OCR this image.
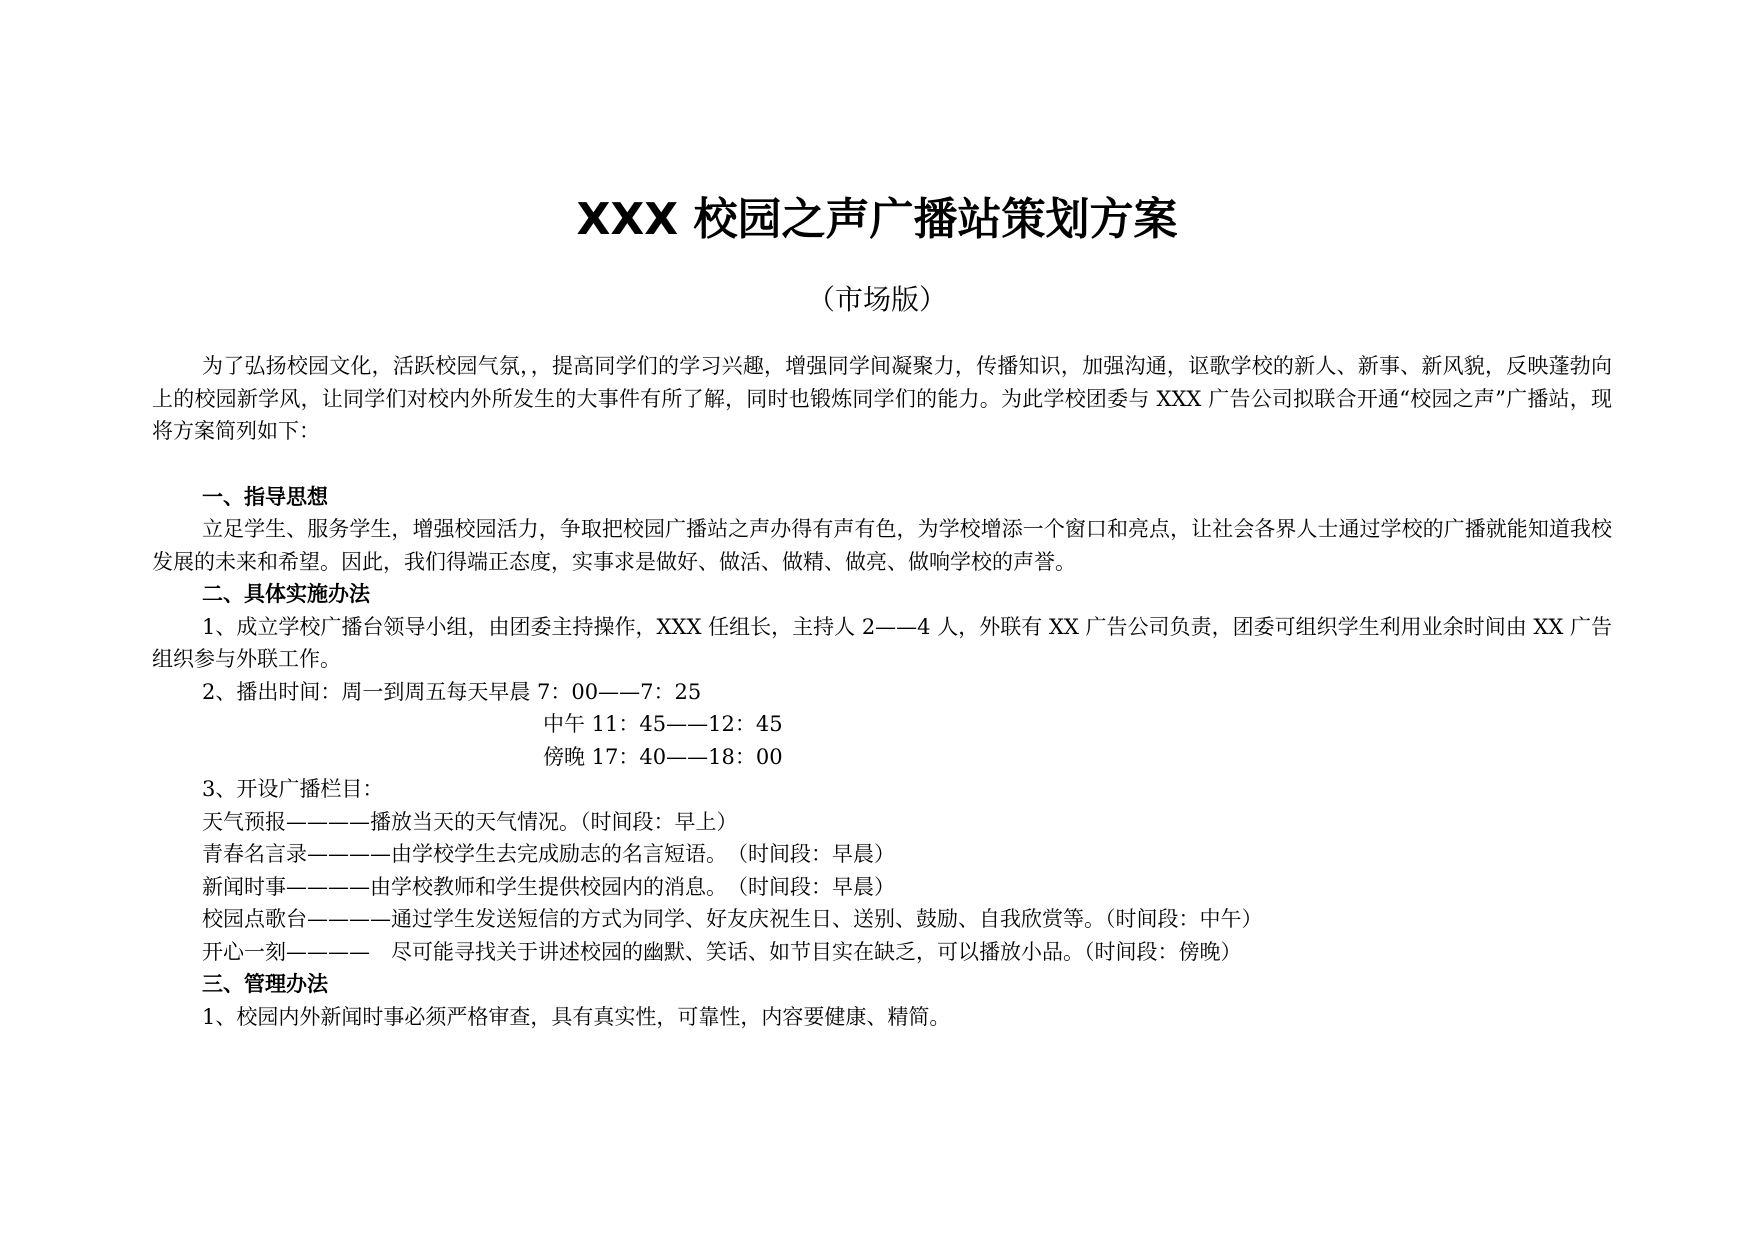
XXX 校园之声广播站策划方案
（市场版）

为了弘扬校园文化，活跃校园气氛，，提高同学们的学习兴趣，增强同学间凝聚力，传播知识，加强沟通，讴歌学校的新人、新事、新风貌，反映蓬勃向上的校园新学风，让同学们对校内外所发生的大事件有所了解，同时也锻炼同学们的能力。为此学校团委与 XXX 广告公司拟联合开通“校园之声”广播站，现将方案简列如下：

一、指导思想

立足学生、服务学生，增强校园活力，争取把校园广播站之声办得有声有色，为学校增添一个窗口和亮点，让社会各界人士通过学校的广播就能知道我校发展的未来和希望。因此，我们得端正态度，实事求是做好、做活、做精、做亮、做响学校的声誉。

二、具体实施办法

1、成立学校广播台领导小组，由团委主持操作，XXX 任组长，主持人 2——4 人，外联有 XX 广告公司负责，团委可组织学生利用业余时间由 XX 广告组织参与外联工作。

2、播出时间：周一到周五每天早晨 7：00——7：25

中午 11：45——12：45

傍晚 17：40——18：00

3、开设广播栏目：

天气预报————播放当天的天气情况。（时间段：早上）

青春名言录————由学校学生去完成励志的名言短语。　（时间段：早晨）

新闻时事————由学校教师和学生提供校园内的消息。　（时间段：早晨）

校园点歌台————通过学生发送短信的方式为同学、好友庆祝生日、送别、鼓励、自我欣赏等。（时间段：中午）

开心一刻————　尽可能寻找关于讲述校园的幽默、笑话、如节目实在缺乏，可以播放小品。（时间段：傍晚）

三、管理办法

1、校园内外新闻时事必须严格审查，具有真实性，可靠性，内容要健康、精简。
